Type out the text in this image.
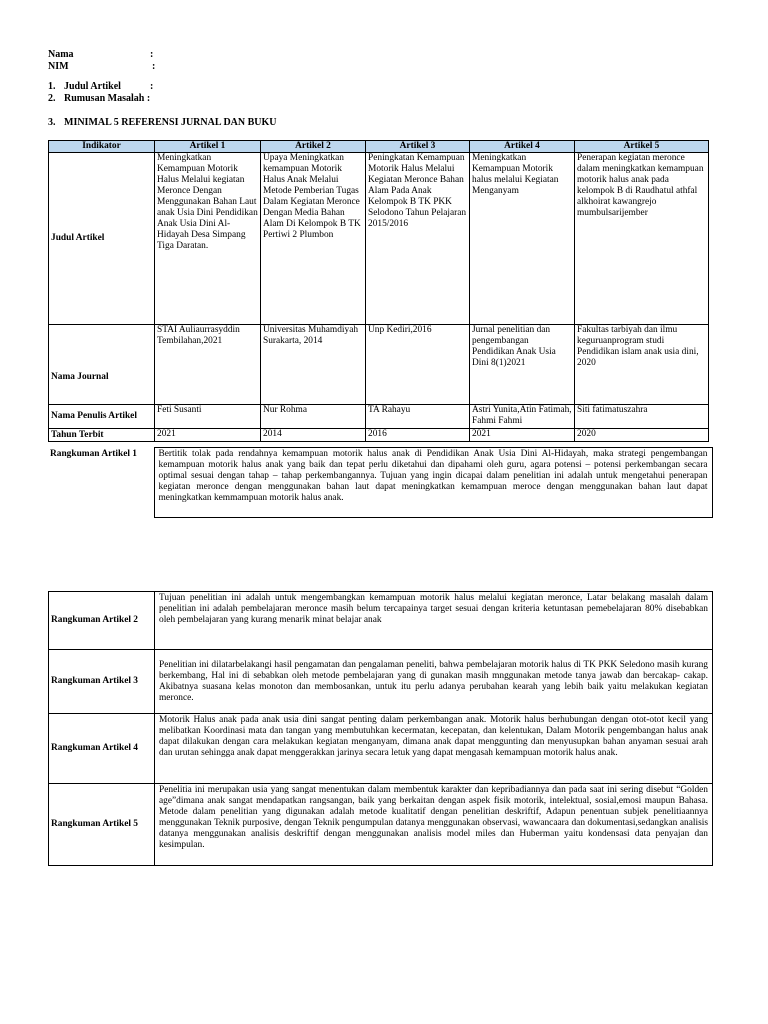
Nama	:
NIM	:
1. Judul Artikel	:
2. Rumusan Masalah :
3. MINIMAL 5 REFERENSI JURNAL DAN BUKU
Indikator	Artikel 1	Artikel 2	Artikel 3	Artikel 4	Artikel 5
Judul Artikel	Meningkatkan Kemampuan Motorik Halus Melalui kegiatan Meronce Dengan Menggunakan Bahan Laut anak Usia Dini Pendidikan Anak Usia Dini Al-Hidayah Desa Simpang Tiga Daratan.	Upaya Meningkatkan kemampuan Motorik Halus Anak Melalui Metode Pemberian Tugas Dalam Kegiatan Meronce Dengan Media Bahan Alam Di Kelompok B TK Pertiwi 2 Plumbon	Peningkatan Kemampuan Motorik Halus Melalui Kegiatan Meronce Bahan Alam Pada Anak Kelompok B TK PKK Selodono Tahun Pelajaran 2015/2016	Meningkatkan Kemampuan Motorik halus melalui Kegiatan Menganyam	Penerapan kegiatan meronce dalam meningkatkan kemampuan motorik halus anak pada kelompok B di Raudhatul athfal alkhoirat kawangrejo mumbulsarijember
Nama Journal	STAI Auliaurrasyddin Tembilahan,2021	Universitas Muhamdiyah Surakarta, 2014	Unp Kediri,2016	Jurnal penelitian dan pengembangan Pendidikan Anak Usia Dini 8(1)2021	Fakultas tarbiyah dan ilmu keguruanprogram studi Pendidikan islam anak usia dini, 2020
Nama Penulis Artikel	Feti Susanti	Nur Rohma	TA Rahayu	Astri Yunita,Atin Fatimah, Fahmi Fahmi	Siti fatimatuszahra
Tahun Terbit	2021	2014	2016	2021	2020
Rangkuman Artikel 1	Bertitik tolak pada rendahnya kemampuan motorik halus anak di Pendidikan Anak Usia Dini Al-Hidayah, maka strategi pengembangan kemampuan motorik halus anak yang baik dan tepat perlu diketahui dan dipahami oleh guru, agara potensi – potensi perkembangan secara optimal sesuai dengan tahap – tahap perkembangannya. Tujuan yang ingin dicapai dalam penelitian ini adalah untuk mengetahui penerapan kegiatan meronce dengan menggunakan bahan laut dapat meningkatkan kemampuan meroce dengan menggunakan bahan laut dapat meningkatkan kemmampuan motorik halus anak.
Rangkuman Artikel 2	Tujuan penelitian ini adalah untuk mengembangkan kemampuan motorik halus melalui kegiatan meronce, Latar belakang masalah dalam penelitian ini adalah pembelajaran meronce masih belum tercapainya target sesuai dengan kriteria ketuntasan pemebelajaran 80% disebabkan oleh pembelajaran yang kurang menarik minat belajar anak
Rangkuman Artikel 3	Penelitian ini dilatarbelakangi hasil pengamatan dan pengalaman peneliti, bahwa pembelajaran motorik halus di TK PKK Seledono masih kurang berkembang, Hal ini di sebabkan oleh metode pembelajaran yang di gunakan masih mnggunakan metode tanya jawab dan bercakap- cakap. Akibatnya suasana kelas monoton dan membosankan, untuk itu perlu adanya perubahan kearah yang lebih baik yaitu melakukan kegiatan meronce.
Rangkuman Artikel 4	Motorik Halus anak pada anak usia dini sangat penting dalam perkembangan anak. Motorik halus berhubungan dengan otot-otot kecil yang melibatkan Koordinasi mata dan tangan yang membutuhkan kecermatan, kecepatan, dan kelentukan, Dalam Motorik pengembangan halus anak dapat dilakukan dengan cara melakukan kegiatan menganyam, dimana anak dapat menggunting dan menyusupkan bahan anyaman sesuai arah dan urutan sehingga anak dapat menggerakkan jarinya secara letuk yang dapat mengasah kemampuan motorik halus anak.
Rangkuman Artikel 5	Penelitia ini merupakan usia yang sangat menentukan dalam membentuk karakter dan kepribadiannya dan pada saat ini sering disebut “Golden age”dimana anak sangat mendapatkan rangsangan, baik yang berkaitan dengan aspek fisik motorik, intelektual, sosial,emosi maupun Bahasa. Metode dalam penelitian yang digunakan adalah metode kualitatif dengan penelitian deskriftif, Adapun penentuan subjek penelitiaannya menggunakan Teknik purposive, dengan Teknik pengumpulan datanya menggunakan observasi, wawancaara dan dokumentasi,sedangkan analisis datanya menggunakan analisis deskriftif dengan menggunakan analisis model miles dan Huberman yaitu kondensasi data penyajan dan kesimpulan.
